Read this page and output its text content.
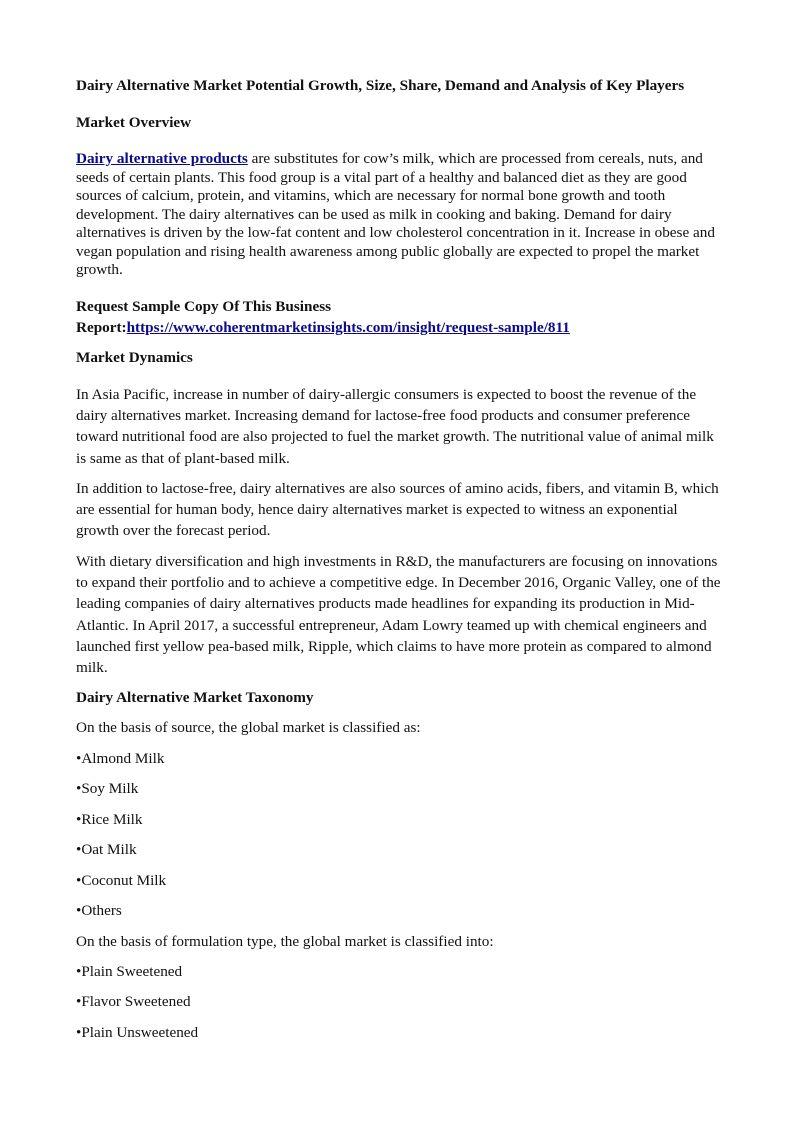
Dairy Alternative Market Potential Growth, Size, Share, Demand and Analysis of Key Players
Market Overview
Dairy alternative products are substitutes for cow’s milk, which are processed from cereals, nuts, and seeds of certain plants. This food group is a vital part of a healthy and balanced diet as they are good sources of calcium, protein, and vitamins, which are necessary for normal bone growth and tooth development. The dairy alternatives can be used as milk in cooking and baking. Demand for dairy alternatives is driven by the low-fat content and low cholesterol concentration in it. Increase in obese and vegan population and rising health awareness among public globally are expected to propel the market growth.
Request Sample Copy Of This Business
Report:https://www.coherentmarketinsights.com/insight/request-sample/811
Market Dynamics
In Asia Pacific, increase in number of dairy-allergic consumers is expected to boost the revenue of the dairy alternatives market. Increasing demand for lactose-free food products and consumer preference toward nutritional food are also projected to fuel the market growth. The nutritional value of animal milk is same as that of plant-based milk.
In addition to lactose-free, dairy alternatives are also sources of amino acids, fibers, and vitamin B, which are essential for human body, hence dairy alternatives market is expected to witness an exponential growth over the forecast period.
With dietary diversification and high investments in R&D, the manufacturers are focusing on innovations to expand their portfolio and to achieve a competitive edge. In December 2016, Organic Valley, one of the leading companies of dairy alternatives products made headlines for expanding its production in Mid-Atlantic. In April 2017, a successful entrepreneur, Adam Lowry teamed up with chemical engineers and launched first yellow pea-based milk, Ripple, which claims to have more protein as compared to almond milk.
Dairy Alternative Market Taxonomy
On the basis of source, the global market is classified as:
•Almond Milk
•Soy Milk
•Rice Milk
•Oat Milk
•Coconut Milk
•Others
On the basis of formulation type, the global market is classified into:
•Plain Sweetened
•Flavor Sweetened
•Plain Unsweetened
